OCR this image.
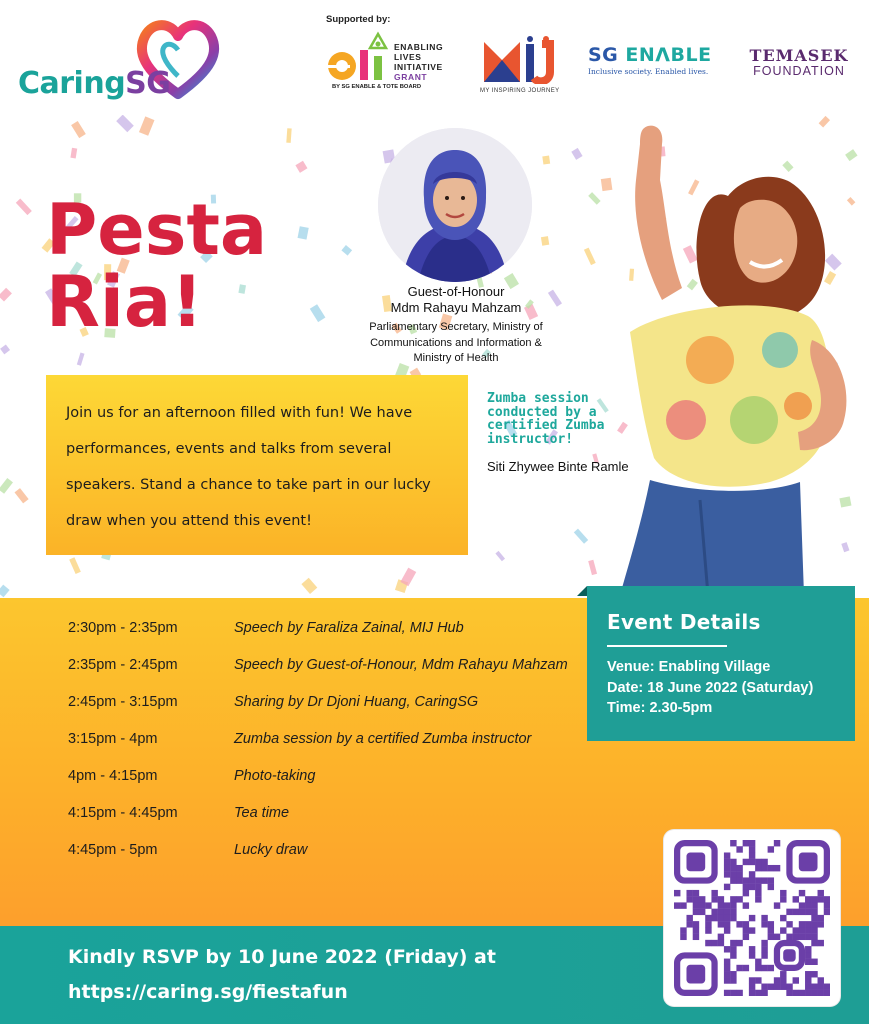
CaringSG
Supported by:
ENABLING
LIVES
INITIATIVE
GRANT
BY SG ENABLE & TOTE BOARD
MY INSPIRING JOURNEY
SG ENΛBLE
Inclusive society. Enabled lives.
TEMASEK
FOUNDATION
Pesta
Ria!	Guest-of-Honour
Mdm Rahayu Mahzam
Parliamentary Secretary, Ministry of
Communications and Information &
Ministry of Health

Join us for an afternoon filled with fun! We have performances, events and talks from several speakers. Stand a chance to take part in our lucky draw when you attend this event!

Zumba session
conducted by a
certified Zumba
instructor!
Siti Zhywee Binte Ramle
2:30pm - 2:35pm	Speech by Faraliza Zainal, MIJ Hub
2:35pm - 2:45pm	Speech by Guest-of-Honour, Mdm Rahayu Mahzam
2:45pm - 3:15pm	Sharing by Dr Djoni Huang, CaringSG
3:15pm - 4pm	Zumba session by a certified Zumba instructor
4pm - 4:15pm	Photo-taking
4:15pm - 4:45pm	Tea time
4:45pm - 5pm	Lucky draw
Event Details
Venue: Enabling Village
Date: 18 June 2022 (Saturday)
Time: 2.30-5pm
Kindly RSVP by 10 June 2022 (Friday) at
https://caring.sg/fiestafun
